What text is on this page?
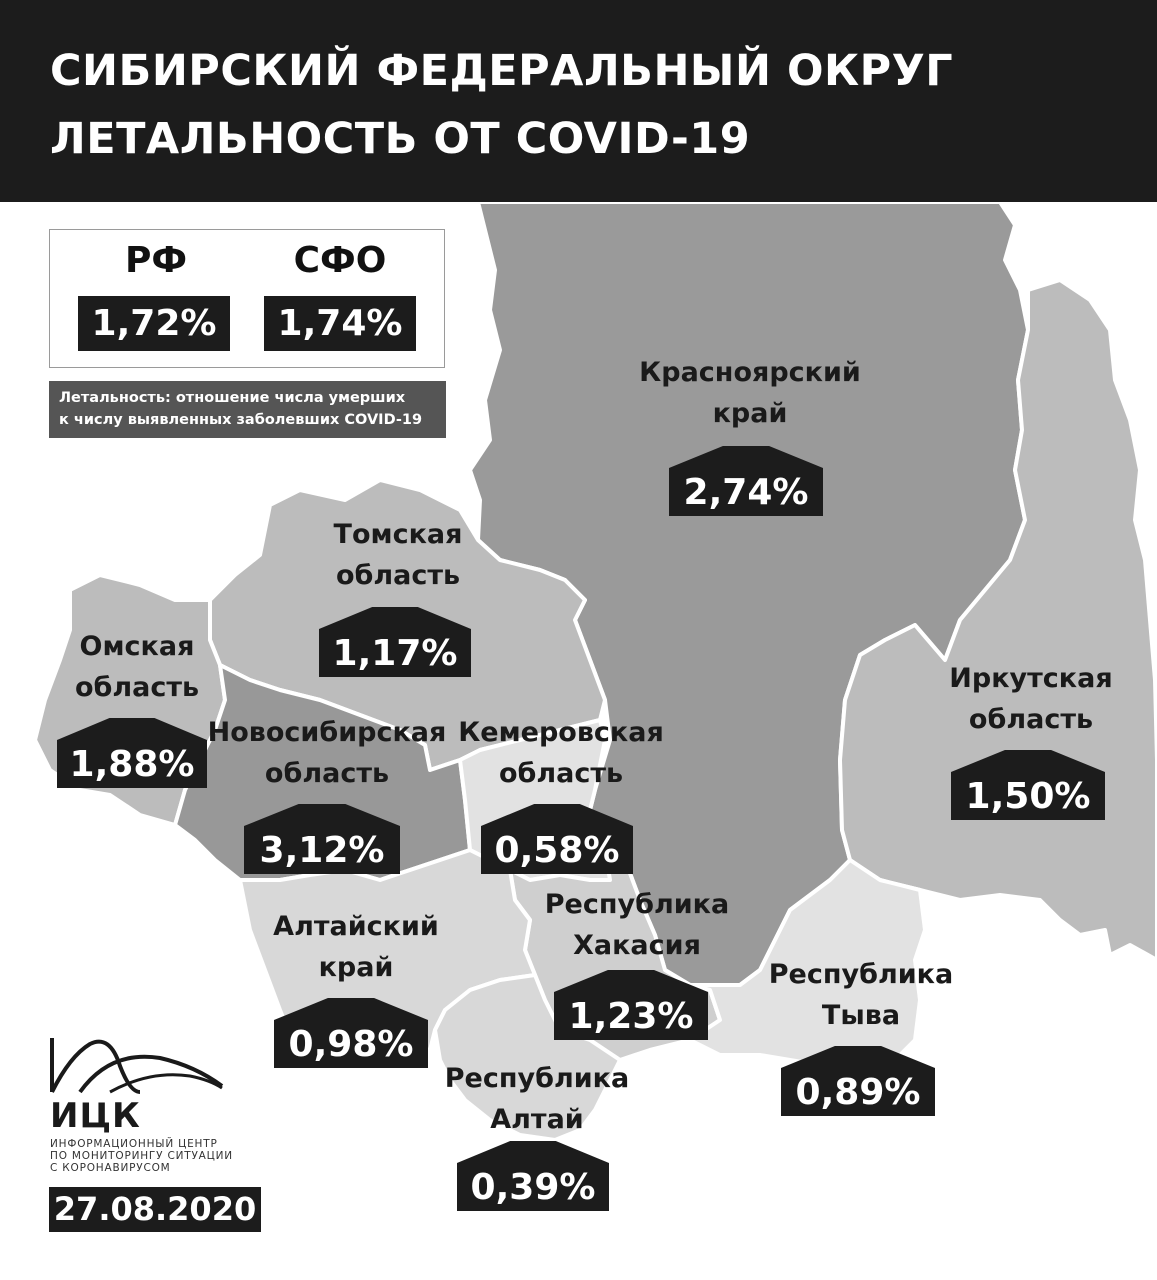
СИБИРСКИЙ ФЕДЕРАЛЬНЫЙ ОКРУГ
ЛЕТАЛЬНОСТЬ ОТ COVID-19
РФ
1,72%
СФО
1,74%
Летальность: отношение числа умерших
к числу выявленных заболевших COVID-19
Красноярский
край
2,74%
Томская
область
1,17%
Омская
область
1,88%
Новосибирская
область
3,12%
Кемеровская
область
0,58%
Иркутская
область
1,50%
Алтайский
край
0,98%
Республика
Хакасия
1,23%
Республика
Тыва
0,89%
Республика
Алтай
0,39%
ИЦК
ИНФОРМАЦИОННЫЙ ЦЕНТР
ПО МОНИТОРИНГУ СИТУАЦИИ
С КОРОНАВИРУСОМ
27.08.2020
